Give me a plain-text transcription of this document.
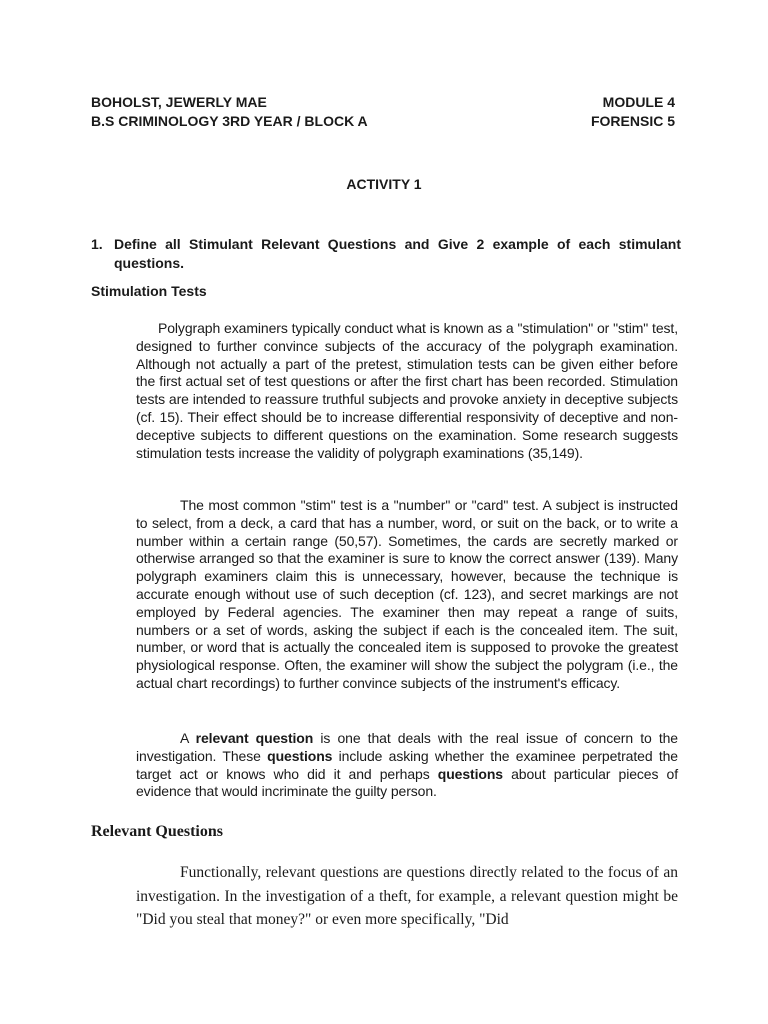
BOHOLST, JEWERLY MAE	MODULE 4
B.S CRIMINOLOGY 3RD YEAR / BLOCK A	FORENSIC 5
ACTIVITY 1
1. Define all Stimulant Relevant Questions and Give 2 example of each stimulant questions.
Stimulation Tests
Polygraph examiners typically conduct what is known as a "stimulation" or "stim" test, designed to further convince subjects of the accuracy of the polygraph examination. Although not actually a part of the pretest, stimulation tests can be given either before the first actual set of test questions or after the first chart has been recorded. Stimulation tests are intended to reassure truthful subjects and provoke anxiety in deceptive subjects (cf. 15). Their effect should be to increase differential responsivity of deceptive and non-deceptive subjects to different questions on the examination. Some research suggests stimulation tests increase the validity of polygraph examinations (35,149).
The most common "stim" test is a "number" or "card" test. A subject is instructed to select, from a deck, a card that has a number, word, or suit on the back, or to write a number within a certain range (50,57). Sometimes, the cards are secretly marked or otherwise arranged so that the examiner is sure to know the correct answer (139). Many polygraph examiners claim this is unnecessary, however, because the technique is accurate enough without use of such deception (cf. 123), and secret markings are not employed by Federal agencies. The examiner then may repeat a range of suits, numbers or a set of words, asking the subject if each is the concealed item. The suit, number, or word that is actually the concealed item is supposed to provoke the greatest physiological response. Often, the examiner will show the subject the polygram (i.e., the actual chart recordings) to further convince subjects of the instrument's efficacy.
A relevant question is one that deals with the real issue of concern to the investigation. These questions include asking whether the examinee perpetrated the target act or knows who did it and perhaps questions about particular pieces of evidence that would incriminate the guilty person.
Relevant Questions
Functionally, relevant questions are questions directly related to the focus of an investigation. In the investigation of a theft, for example, a relevant question might be "Did you steal that money?" or even more specifically, "Did
